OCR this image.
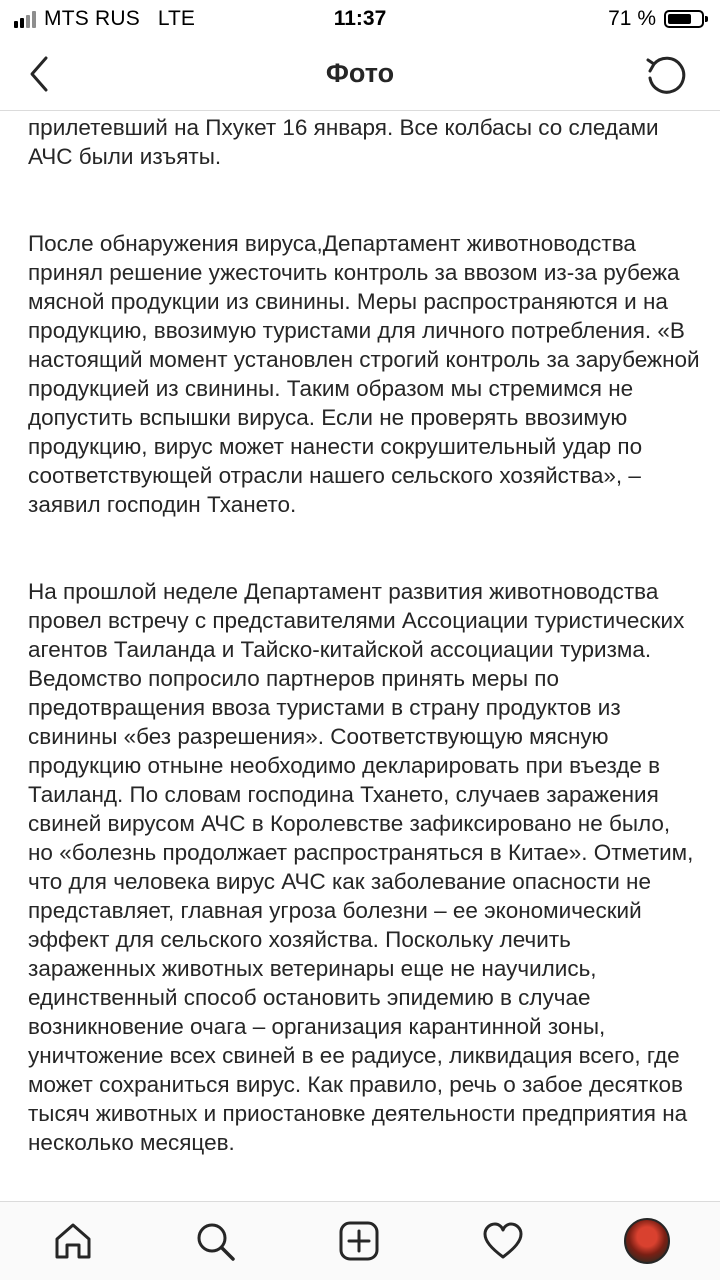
MTS RUS LTE	11:37	71 %
Фото

прилетевший на Пхукет 16 января. Все колбасы со следами АЧС были изъяты.

После обнаружения вируса,Департамент животноводства принял решение ужесточить контроль за ввозом из-за рубежа мясной продукции из свинины. Меры распространяются и на продукцию, ввозимую туристами для личного потребления. «В настоящий момент установлен строгий контроль за зарубежной продукцией из свинины. Таким образом мы стремимся не допустить вспышки вируса. Если не проверять ввозимую продукцию, вирус может нанести сокрушительный удар по соответствующей отрасли нашего сельского хозяйства», – заявил господин Тхането.

На прошлой неделе Департамент развития животноводства провел встречу с представителями Ассоциации туристических агентов Таиланда и Тайско-китайской ассоциации туризма. Ведомство попросило партнеров принять меры по предотвращения ввоза туристами в страну продуктов из свинины «без разрешения». Соответствующую мясную продукцию отныне необходимо декларировать при въезде в Таиланд. По словам господина Тхането, случаев заражения свиней вирусом АЧС в Королевстве зафиксировано не было, но «болезнь продолжает распространяться в Китае». Отметим, что для человека вирус АЧС как заболевание опасности не представляет, главная угроза болезни – ее экономический эффект для сельского хозяйства. Поскольку лечить зараженных животных ветеринары еще не научились, единственный способ остановить эпидемию в случае возникновение очага – организация карантинной зоны, уничтожение всех свиней в ее радиусе, ликвидация всего, где может сохраниться вирус. Как правило, речь о забое десятков тысяч животных и приостановке деятельности предприятия на несколько месяцев.
